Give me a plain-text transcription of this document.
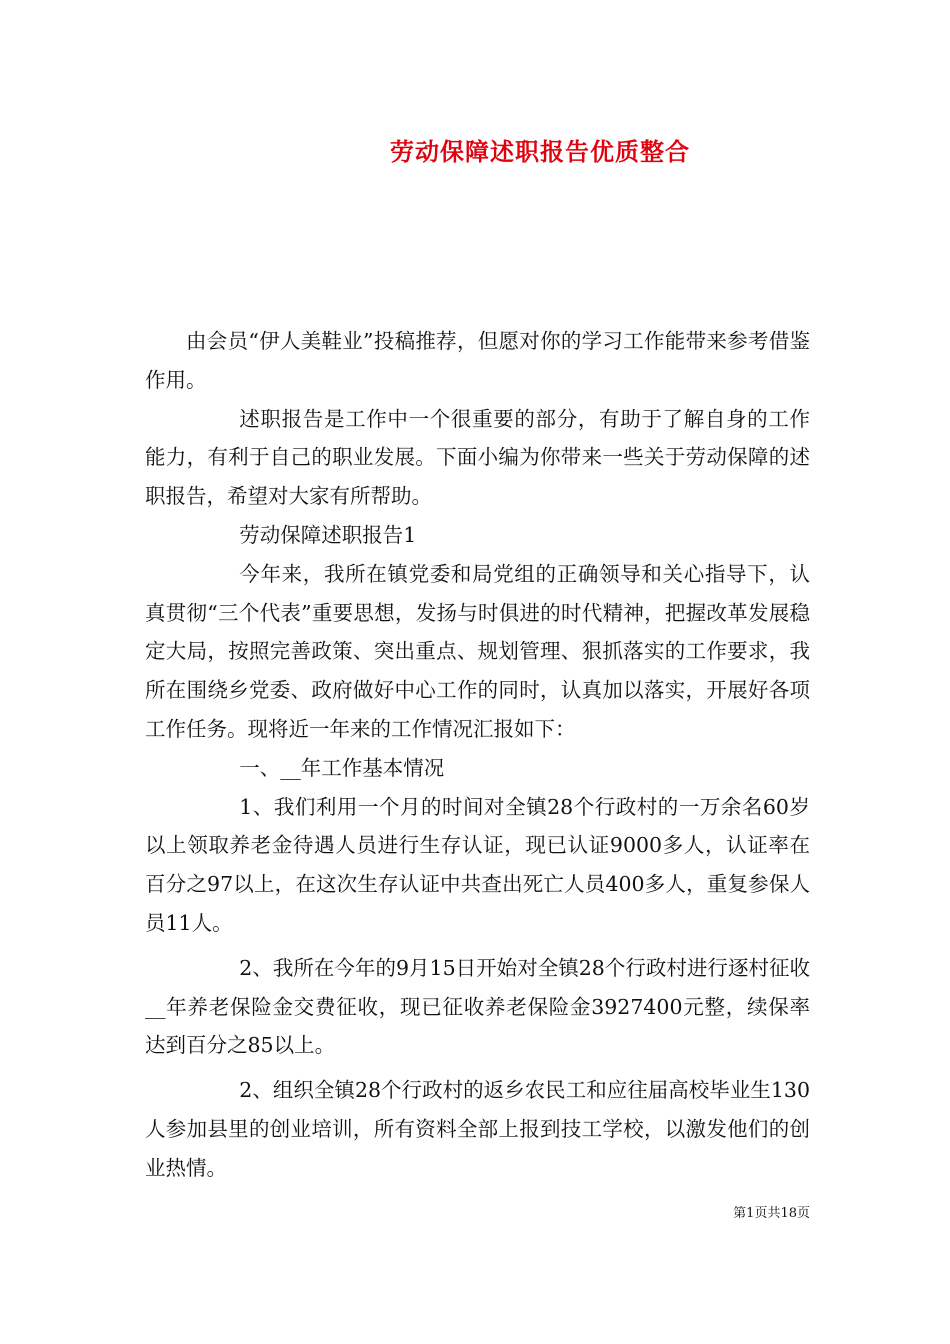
劳动保障述职报告优质整合

由会员“伊人美鞋业”投稿推荐，但愿对你的学习工作能带来参考借鉴作用。

述职报告是工作中一个很重要的部分，有助于了解自身的工作能力，有利于自己的职业发展。下面小编为你带来一些关于劳动保障的述职报告，希望对大家有所帮助。

劳动保障述职报告1

今年来，我所在镇党委和局党组的正确领导和关心指导下，认真贯彻“三个代表”重要思想，发扬与时俱进的时代精神，把握改革发展稳定大局，按照完善政策、突出重点、规划管理、狠抓落实的工作要求，我所在围绕乡党委、政府做好中心工作的同时，认真加以落实，开展好各项工作任务。现将近一年来的工作情况汇报如下：

一、__年工作基本情况

1、我们利用一个月的时间对全镇28个行政村的一万余名60岁以上领取养老金待遇人员进行生存认证，现已认证9000多人，认证率在百分之97以上，在这次生存认证中共查出死亡人员400多人，重复参保人员11人。

2、我所在今年的9月15日开始对全镇28个行政村进行逐村征收__年养老保险金交费征收，现已征收养老保险金3927400元整，续保率达到百分之85以上。

2、组织全镇28个行政村的返乡农民工和应往届高校毕业生130人参加县里的创业培训，所有资料全部上报到技工学校，以激发他们的创业热情。

第1页共18页
